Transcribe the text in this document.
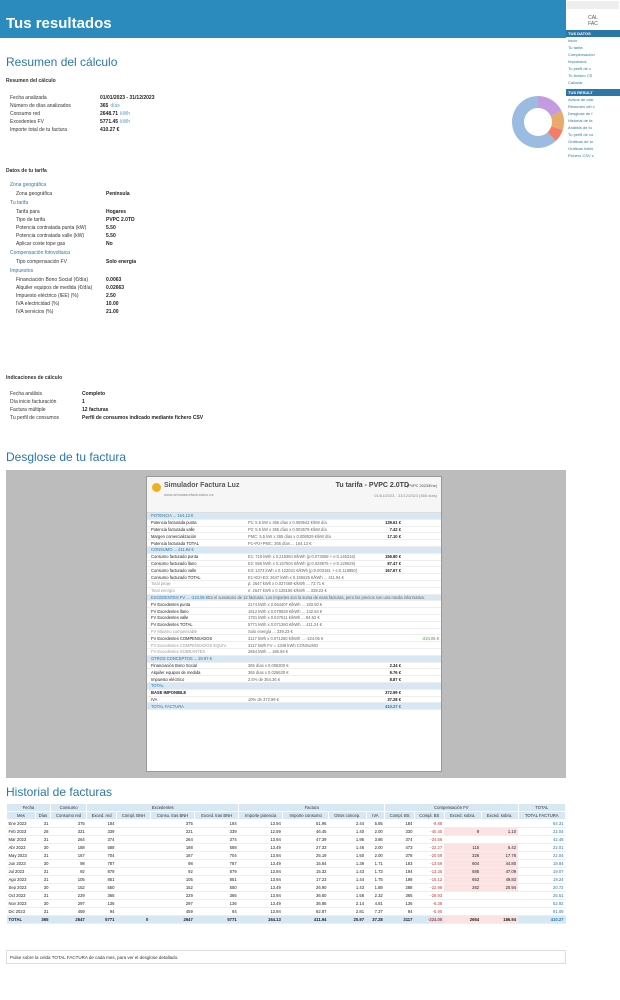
Tus resultados
Resumen del cálculo
Resumen del cálculo
Fecha analizada	01/01/2023 - 31/12/2023
Número de días analizados	365 días
Consumo red	2648.71 kWh
Excedentes FV	5771.45 kWh
Importe total de tu factura	410.27 €
Datos de tu tarifa
Zona geográfica
Zona geográfica	Península
Tu tarifa
Tarifa para	Hogares
Tipo de tarifa	PVPC 2.0TD
Potencia contratada punta (kW)	5.50
Potencia contratada valle (kW)	5.50
Aplicar coste tope gas	No
Compensación fotovoltaica
Tipo compensación FV	Solo energía
Impuestos
Financiación Bono Social (€/día)	0.0063
Alquiler equipos de medida (€/día)	0.02663
Impuesto eléctrico (IEE) (%)	2.50
IVA electricidad (%)	10.00
IVA servicios (%)	21.00
Indicaciones de cálculo
Fecha análisis	Completo
Día inicio facturación	1
Factura múltiple	12 facturas
Tu perfil de consumos	Perfil de consumos indicado mediante fichero CSV
Desglose de tu factura
Simulador Factura Luz
www.simuladorfacturaluz.es
Tu tarifa - PVPC 2.0TD
(PVPC 2023/Ene)
01/01/2023 - 31/12/2023 (365 días)
POTENCIA ... 164.13 €
Potencia facturada punta	P1: 5.5 kW x 365 días x 0.069543 €/kW día	139.61 €
Potencia facturada valle	P2: 5.5 kW x 365 días x 0.003679 €/kW día	7.42 €
Margen comercialización	PMC: 5.5 kW x 365 días x 0.008529 €/kW día	17.10 €
Potencia facturada TOTAL	P1+P2+PMC: 365 días ... 164.13 €
CONSUMO ... 411.94 €
Consumo facturado punta	E1: 718 kWh x 0.218384 €/kWh (p:0.073068 + e:0.145316)	156.80 €
Consumo facturado llano	E2: 555 kWh x 0.157604 €/kWh (p:0.028575 + e:0.129029)	87.47 €
Consumo facturado valle	E3: 1374 kWh x 0.122031 €/kWh (p:0.003181 + e:0.118850)	167.67 €
Consumo facturado TOTAL	E1+E2+E3: 2647 kWh x 0.155625 €/kWh ... 411.94 €
Total peaje	p: 2647 kWh x 0.027469 €/kWh ... 72.71 €
Total energía	e: 2647 kWh x 0.128156 €/kWh ... 339.23 €
EXCEDENTES FV ... -224.05 € Es el sumatorio de 12 facturas. Los importes son la suma de esas facturas, pero los precios son una media informativa.
FV Excedentes punta	2174 kWh x 0.064407 €/kWh ... 183.50 €
FV Excedentes llano	1812 kWh x 0.078828 €/kWh ... 142.84 €
FV Excedentes valle	1781 kWh x 0.047511 €/kWh ... 84.62 €
FV Excedentes TOTAL	5771 kWh x 0.071260 €/kWh ... 411.24 €
FV Máximo compensable	Solo energía ... 339.23 €
FV Excedentes COMPENSADOS	3117 kWh x 0.071260 €/kWh ... -224.05 €	-224.05 €
FV Excedentes COMPENSADOS EQUIV.	3117 kWh FV = 1349 kWh CONSUMO
FV Excedentes SOBRANTES	2654 kWh ... 186.94 €
OTROS CONCEPTOS ... 20.97 €
Financiación Bono Social	365 días x 0.006300 €	2.34 €
Alquiler equipos de medida	365 días x 0.026630 €	9.76 €
Impuesto eléctrico	2.5% de 354.36 €	8.87 €
TOTAL
BASE IMPONIBLE	372.99 €
IVA	10% de 372.99 €	37.28 €
TOTAL FACTURA	410.27 €
Historial de facturas
Fecha		Consumo	Excedentes				Factura				Compensación FV				TOTAL
Mes	Días	Consumo red	Exced. red	Compl. BNH	Consu. tras BNH	Exced. tras BNH	Importe potencia	Importe consumo	Otros concep.	IVA	Compl. BS	Compl. BS	Exced. sobra.	Exced. sobra.	TOTAL FACTURA
Ene 2023	31	375	184		375	184	13.94	51.96	2.44	5.85	184	-9.88			64.31
Feb 2023	28	321	339		221	339	12.59	46.45	1.40	2.00	330	-40.40	9	1.10	22.04
Mar 2023	31	264	374		264	374	13.94	47.39	1.95	3.86	374	-24.66			42.48
Abr 2023	30	188	588		188	588	13.49	27.33	1.46	2.00	473	-22.27	115	5.42	22.01
May 2023	31	167	704		167	704	13.94	25.19	1.50	2.00	378	-20.59	326	17.76	22.04
Jun 2023	30	98	787		98	787	13.49	15.84	1.39	1.71	183	-13.59	604	44.80	18.84
Jul 2023	31	92	879		92	879	13.94	15.32	1.43	1.73	194	-13.35	685	47.09	19.07
Ago 2023	31	105	851		105	851	13.94	17.23	1.44	1.75	198	-15.12	653	49.83	19.24
Sep 2023	30	152	550		152	550	13.49	26.90	1.43	1.88	288	-22.98	262	20.94	20.72
Oct 2023	31	229	365		229	365	13.94	36.60	1.58	2.32	365	-28.93			25.51
Nov 2023	30	297	136		297	136	13.49	36.86	2.14	4.81	136	-6.38			52.92
Dic 2023	31	459	94		459	94	13.94	62.87	2.81	7.37	94	-5.90			81.09
TOTAL	365	2647	5771	0	2647	5771	164.13	411.94	20.97	37.28	3117	-224.05	2654	186.94	410.27
Pulse sobre la celda TOTAL FACTURA de cada mes, para ver el desglose detallado.
CAL
FAC
TUS DATOS
Inicio
Tu tarifa
Compensación
Impuestos
Tu perfil de c
Tu fichero CS
Calcular
TUS RESULT
Avisos de cálc
Resumen del c
Desglose de f
Historial de fa
Análisis de tu
Tu perfil de co
Gráficas de tu
Gráficas hábit
Fichero CSV c
